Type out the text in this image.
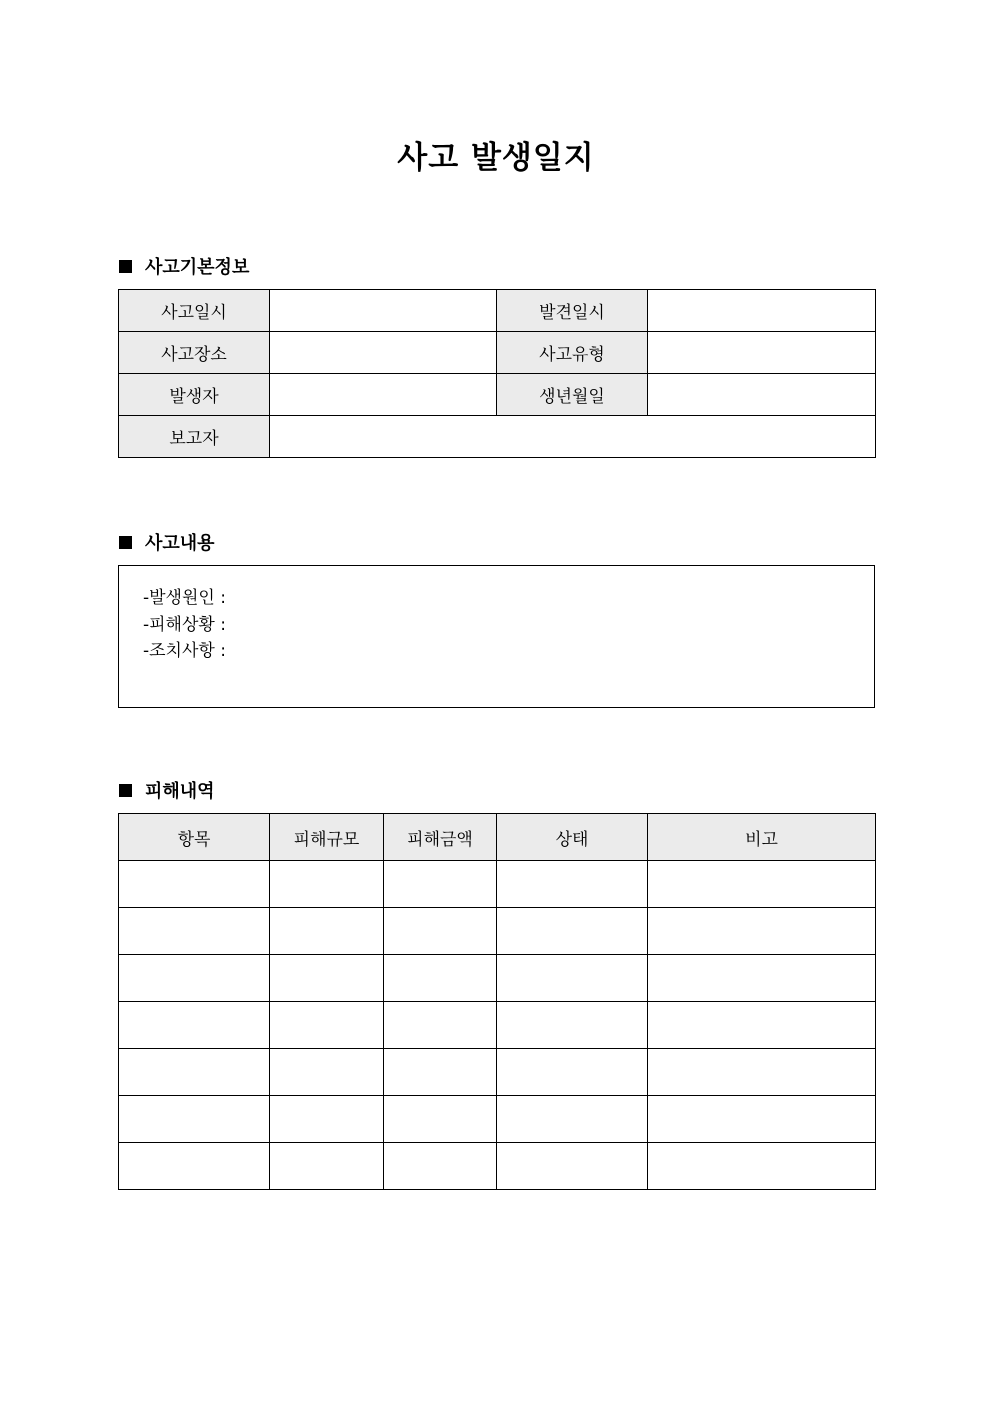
사고 발생일지
사고기본정보
사고일시		발견일시	
사고장소		사고유형	
발생자		생년월일	
보고자			
사고내용
-발생원인 :
-피해상황 :
-조치사항 :
피해내역
항목	피해규모	피해금액	상태	비고
